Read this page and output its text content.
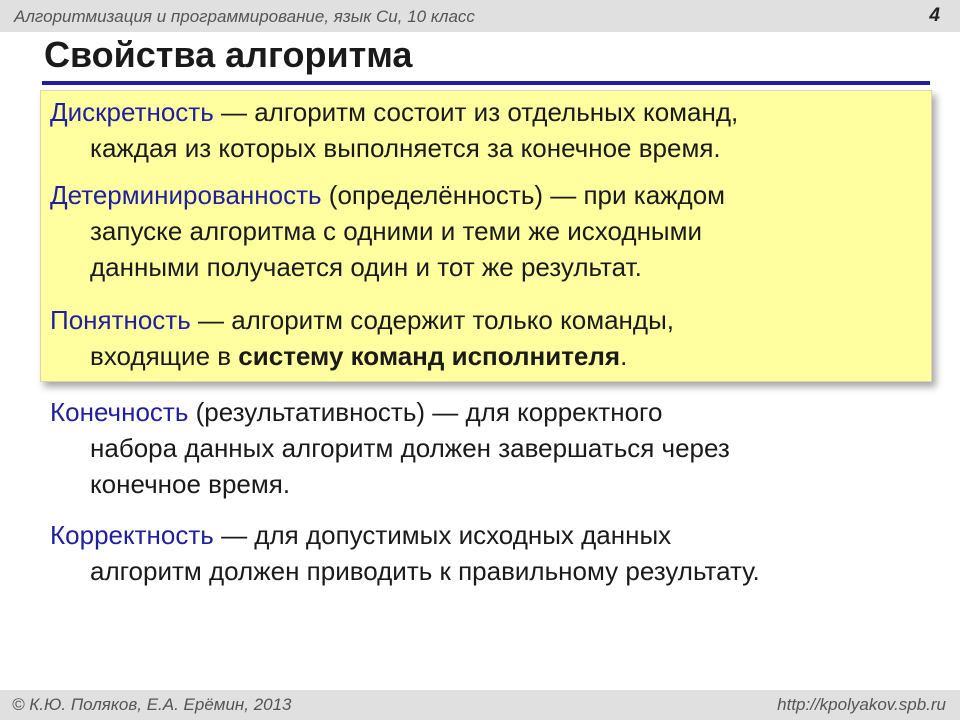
Алгоритмизация и программирование, язык Си, 10 класс	4
Свойства алгоритма
Дискретность — алгоритм состоит из отдельных команд,
каждая из которых выполняется за конечное время.
Детерминированность (определённость) — при каждом
запуске алгоритма с одними и теми же исходными
данными получается один и тот же результат.
Понятность — алгоритм содержит только команды,
входящие в систему команд исполнителя.
Конечность (результативность) — для корректного
набора данных алгоритм должен завершаться через
конечное время.
Корректность — для допустимых исходных данных
алгоритм должен приводить к правильному результату.
© К.Ю. Поляков, Е.А. Ерёмин, 2013	http://kpolyakov.spb.ru
